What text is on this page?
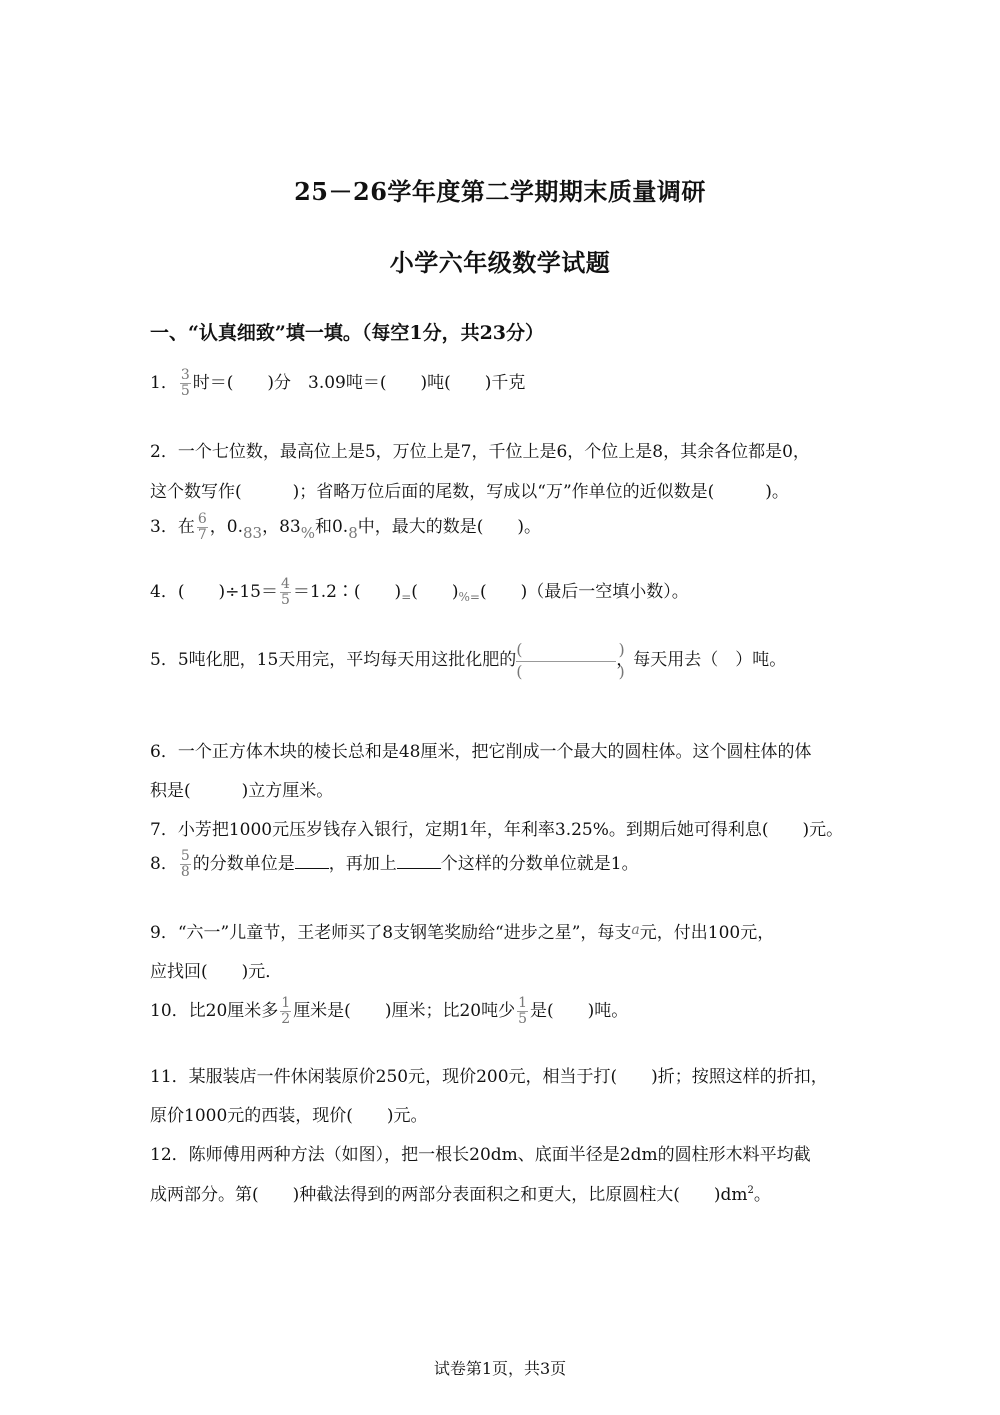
25－26学年度第二学期期末质量调研
小学六年级数学试题
一、“认真细致”填一填。（每空1分，共23分）
1． $\frac{3}{5}$ 时＝(　　)分　3.09吨＝(　　)吨(　　)千克
2．一个七位数，最高位上是5，万位上是7，千位上是6，个位上是8，其余各位都是0，
这个数写作(　　　)；省略万位后面的尾数，写成以“万”作单位的近似数是(　　　)。
3．在 $\frac{6}{7}$ ，0.83，83%和0.8中，最大的数是(　　)。
4．(　　)$\div 15= \frac{4}{5}$ ＝1.2∶(　　)$_=$(　　)$_{\%=}$(　　)（最后一空填小数）。
5．5吨化肥，15天用完，平均每天用这批化肥的 $\frac{( )}{( )}$，每天用去（　）吨。
6．一个正方体木块的棱长总和是48厘米，把它削成一个最大的圆柱体。这个圆柱体的体
积是(　　　)立方厘米。
7．小芳把1000元压岁钱存入银行，定期1年，年利率3.25%。到期后她可得利息(　　)元。
8． $\frac{5}{8}$ 的分数单位是 ，再加上	个这样的分数单位就是1。
9．“六一”儿童节，王老师买了8支钢笔奖励给“进步之星”，每支$^a$元，付出100元，
应找回(　　)元．
10．比20厘米多 $\frac{1}{2}$ 厘米是(　　)厘米；比20吨少 $\frac{1}{5}$ 是(　　)吨。
11．某服装店一件休闲装原价250元，现价200元，相当于打(　　)折；按照这样的折扣，
原价1000元的西装，现价(　　)元。
12．陈师傅用两种方法（如图），把一根长20dm、底面半径是2dm的圆柱形木料平均截
成两部分。第(　　)种截法得到的两部分表面积之和更大，比原圆柱大(　　)$dm^2$。
试卷第1页，共3页
